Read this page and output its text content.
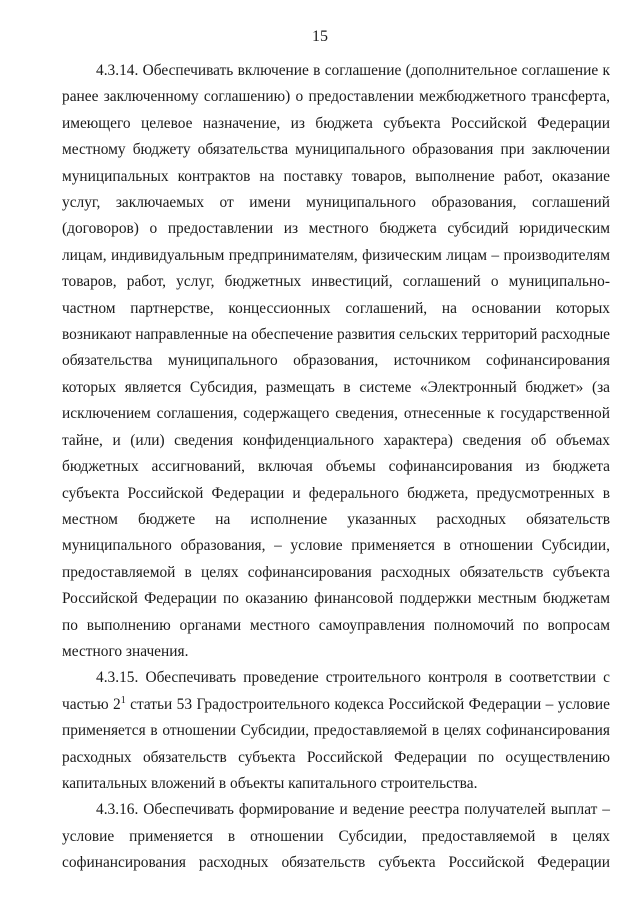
15

4.3.14. Обеспечивать включение в соглашение (дополнительное соглашение к ранее заключенному соглашению) о предоставлении межбюджетного трансферта, имеющего целевое назначение, из бюджета субъекта Российской Федерации местному бюджету обязательства муниципального образования при заключении муниципальных контрактов на поставку товаров, выполнение работ, оказание услуг, заключаемых от имени муниципального образования, соглашений (договоров) о предоставлении из местного бюджета субсидий юридическим лицам, индивидуальным предпринимателям, физическим лицам – производителям товаров, работ, услуг, бюджетных инвестиций, соглашений о муниципально-частном партнерстве, концессионных соглашений, на основании которых возникают направленные на обеспечение развития сельских территорий расходные обязательства муниципального образования, источником софинансирования которых является Субсидия, размещать в системе «Электронный бюджет» (за исключением соглашения, содержащего сведения, отнесенные к государственной тайне, и (или) сведения конфиденциального характера) сведения об объемах бюджетных ассигнований, включая объемы софинансирования из бюджета субъекта Российской Федерации и федерального бюджета, предусмотренных в местном бюджете на исполнение указанных расходных обязательств муниципального образования, – условие применяется в отношении Субсидии, предоставляемой в целях софинансирования расходных обязательств субъекта Российской Федерации по оказанию финансовой поддержки местным бюджетам по выполнению органами местного самоуправления полномочий по вопросам местного значения.

4.3.15. Обеспечивать проведение строительного контроля в соответствии с частью $2^1$ статьи 53 Градостроительного кодекса Российской Федерации – условие применяется в отношении Субсидии, предоставляемой в целях софинансирования расходных обязательств субъекта Российской Федерации по осуществлению капитальных вложений в объекты капитального строительства.

4.3.16. Обеспечивать формирование и ведение реестра получателей выплат – условие применяется в отношении Субсидии, предоставляемой в целях софинансирования расходных обязательств субъекта Российской Федерации
